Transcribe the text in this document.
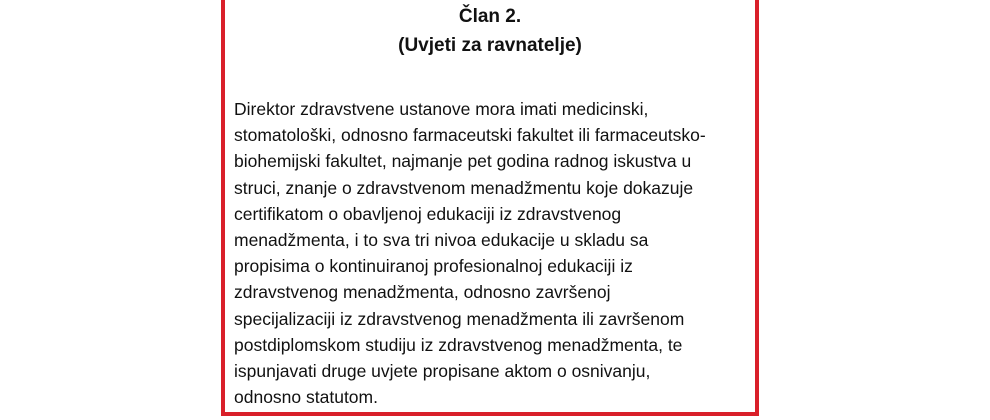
Član 2.
(Uvjeti za ravnatelje)

Direktor zdravstvene ustanove mora imati medicinski,
stomatološki, odnosno farmaceutski fakultet ili farmaceutsko-
biohemijski fakultet, najmanje pet godina radnog iskustva u
struci, znanje o zdravstvenom menadžmentu koje dokazuje
certifikatom o obavljenoj edukaciji iz zdravstvenog
menadžmenta, i to sva tri nivoa edukacije u skladu sa
propisima o kontinuiranoj profesionalnoj edukaciji iz
zdravstvenog menadžmenta, odnosno završenoj
specijalizaciji iz zdravstvenog menadžmenta ili završenom
postdiplomskom studiju iz zdravstvenog menadžmenta, te
ispunjavati druge uvjete propisane aktom o osnivanju,
odnosno statutom.
